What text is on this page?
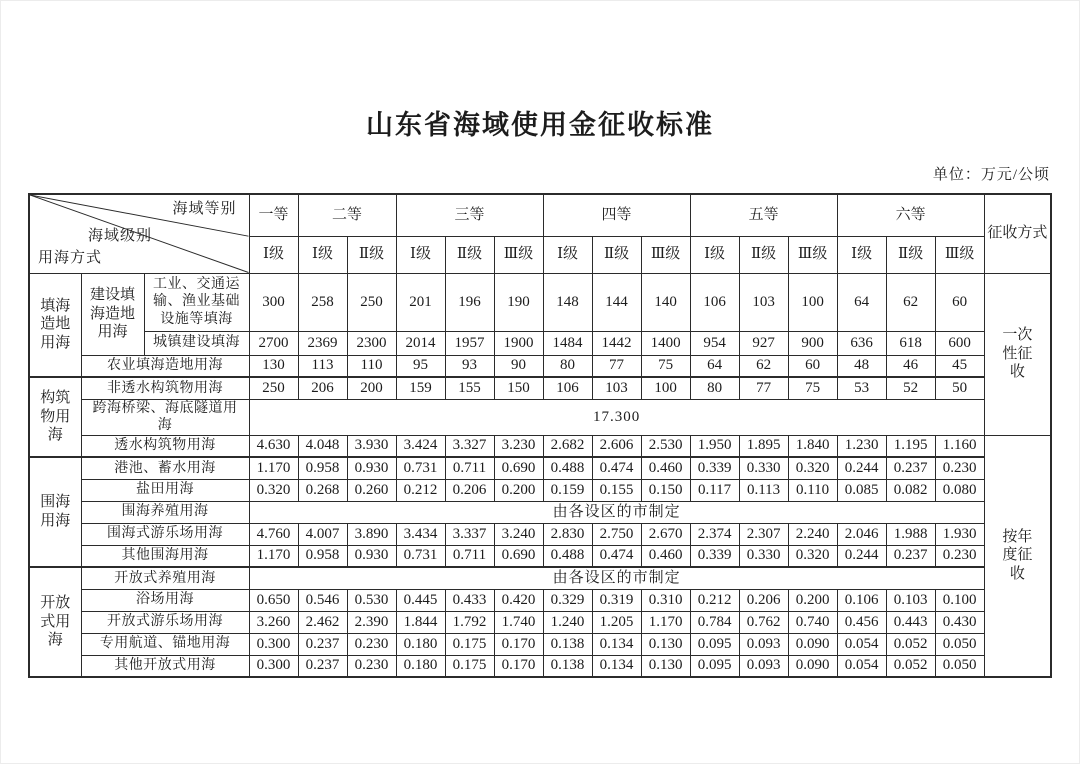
山东省海域使用金征收标准
单位：万元/公顷
海域等别
海域级别
用海方式			一等	二等		三等			四等			五等			六等			征收方式
			Ⅰ级	Ⅰ级	Ⅱ级	Ⅰ级	Ⅱ级	Ⅲ级	Ⅰ级	Ⅱ级	Ⅲ级	Ⅰ级	Ⅱ级	Ⅲ级	Ⅰ级	Ⅱ级	Ⅲ级	
填海造地用海	建设填海造地用海	工业、交通运输、渔业基础设施等填海	300	258	250	201	196	190	148	144	140	106	103	100	64	62	60	一次性征收
		城镇建设填海	2700	2369	2300	2014	1957	1900	1484	1442	1400	954	927	900	636	618	600	
	农业填海造地用海		130	113	110	95	93	90	80	77	75	64	62	60	48	46	45	
构筑物用海	非透水构筑物用海		250	206	200	159	155	150	106	103	100	80	77	75	53	52	50	
	跨海桥梁、海底隧道用海		17.300															
	透水构筑物用海		4.630	4.048	3.930	3.424	3.327	3.230	2.682	2.606	2.530	1.950	1.895	1.840	1.230	1.195	1.160	按年度征收
围海用海	港池、蓄水用海		1.170	0.958	0.930	0.731	0.711	0.690	0.488	0.474	0.460	0.339	0.330	0.320	0.244	0.237	0.230	
	盐田用海		0.320	0.268	0.260	0.212	0.206	0.200	0.159	0.155	0.150	0.117	0.113	0.110	0.085	0.082	0.080	
	围海养殖用海		由各设区的市制定															
	围海式游乐场用海		4.760	4.007	3.890	3.434	3.337	3.240	2.830	2.750	2.670	2.374	2.307	2.240	2.046	1.988	1.930	
	其他围海用海		1.170	0.958	0.930	0.731	0.711	0.690	0.488	0.474	0.460	0.339	0.330	0.320	0.244	0.237	0.230	
开放式用海	开放式养殖用海		由各设区的市制定															
	浴场用海		0.650	0.546	0.530	0.445	0.433	0.420	0.329	0.319	0.310	0.212	0.206	0.200	0.106	0.103	0.100	
	开放式游乐场用海		3.260	2.462	2.390	1.844	1.792	1.740	1.240	1.205	1.170	0.784	0.762	0.740	0.456	0.443	0.430	
	专用航道、锚地用海		0.300	0.237	0.230	0.180	0.175	0.170	0.138	0.134	0.130	0.095	0.093	0.090	0.054	0.052	0.050	
	其他开放式用海		0.300	0.237	0.230	0.180	0.175	0.170	0.138	0.134	0.130	0.095	0.093	0.090	0.054	0.052	0.050	
